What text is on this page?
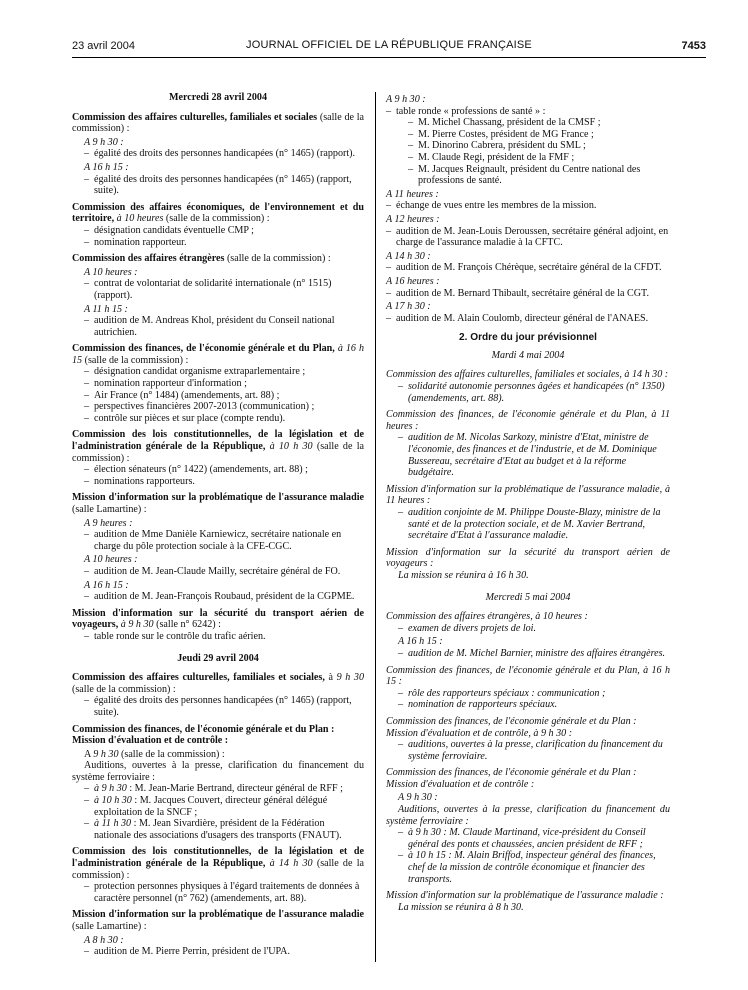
23 avril 2004	JOURNAL OFFICIEL DE LA RÉPUBLIQUE FRANÇAISE	7453

Mercredi 28 avril 2004

Commission des affaires culturelles, familiales et sociales (salle de la commission) :

A 9 h 30 :

– égalité des droits des personnes handicapées (n° 1465) (rapport).

A 16 h 15 :

– égalité des droits des personnes handicapées (n° 1465) (rapport, suite).

Commission des affaires économiques, de l'environnement et du territoire, à 10 heures (salle de la commission) :

– désignation candidats éventuelle CMP ;
– nomination rapporteur.

Commission des affaires étrangères (salle de la commission) :

A 10 heures :

– contrat de volontariat de solidarité internationale (n° 1515) (rapport).

A 11 h 15 :

– audition de M. Andreas Khol, président du Conseil national autrichien.

Commission des finances, de l'économie générale et du Plan, à 16 h 15 (salle de la commission) :

– désignation candidat organisme extraparlementaire ;
– nomination rapporteur d'information ;
– Air France (n° 1484) (amendements, art. 88) ;
– perspectives financières 2007-2013 (communication) ;
– contrôle sur pièces et sur place (compte rendu).

Commission des lois constitutionnelles, de la législation et de l'administration générale de la République, à 10 h 30 (salle de la commission) :

– élection sénateurs (n° 1422) (amendements, art. 88) ;
– nominations rapporteurs.

Mission d'information sur la problématique de l'assurance maladie (salle Lamartine) :

A 9 heures :

– audition de Mme Danièle Karniewicz, secrétaire nationale en charge du pôle protection sociale à la CFE-CGC.

A 10 heures :

– audition de M. Jean-Claude Mailly, secrétaire général de FO.

A 16 h 15 :

– audition de M. Jean-François Roubaud, président de la CGPME.

Mission d'information sur la sécurité du transport aérien de voyageurs, à 9 h 30 (salle n° 6242) :

– table ronde sur le contrôle du trafic aérien.

Jeudi 29 avril 2004

Commission des affaires culturelles, familiales et sociales, à 9 h 30 (salle de la commission) :

– égalité des droits des personnes handicapées (n° 1465) (rapport, suite).

Commission des finances, de l'économie générale et du Plan :

Mission d'évaluation et de contrôle :

A 9 h 30 (salle de la commission) :

Auditions, ouvertes à la presse, clarification du financement du système ferroviaire :

– à 9 h 30 : M. Jean-Marie Bertrand, directeur général de RFF ;
– à 10 h 30 : M. Jacques Couvert, directeur général délégué exploitation de la SNCF ;
– à 11 h 30 : M. Jean Sivardière, président de la Fédération nationale des associations d'usagers des transports (FNAUT).

Commission des lois constitutionnelles, de la législation et de l'administration générale de la République, à 14 h 30 (salle de la commission) :

– protection personnes physiques à l'égard traitements de données à caractère personnel (n° 762) (amendements, art. 88).

Mission d'information sur la problématique de l'assurance maladie (salle Lamartine) :

A 8 h 30 :

– audition de M. Pierre Perrin, président de l'UPA.

A 9 h 30 :

– table ronde « professions de santé » :
– M. Michel Chassang, président de la CMSF ;
– M. Pierre Costes, président de MG France ;
– M. Dinorino Cabrera, président du SML ;
– M. Claude Regi, président de la FMF ;
– M. Jacques Reignault, président du Centre national des professions de santé.

A 11 heures :

– échange de vues entre les membres de la mission.

A 12 heures :

– audition de M. Jean-Louis Deroussen, secrétaire général adjoint, en charge de l'assurance maladie à la CFTC.

A 14 h 30 :

– audition de M. François Chérèque, secrétaire général de la CFDT.

A 16 heures :

– audition de M. Bernard Thibault, secrétaire général de la CGT.

A 17 h 30 :

– audition de M. Alain Coulomb, directeur général de l'ANAES.

2. Ordre du jour prévisionnel

Mardi 4 mai 2004

Commission des affaires culturelles, familiales et sociales, à 14 h 30 :

– solidarité autonomie personnes âgées et handicapées (n° 1350) (amendements, art. 88).

Commission des finances, de l'économie générale et du Plan, à 11 heures :

– audition de M. Nicolas Sarkozy, ministre d'Etat, ministre de l'économie, des finances et de l'industrie, et de M. Dominique Bussereau, secrétaire d'Etat au budget et à la réforme budgétaire.

Mission d'information sur la problématique de l'assurance maladie, à 11 heures :

– audition conjointe de M. Philippe Douste-Blazy, ministre de la santé et de la protection sociale, et de M. Xavier Bertrand, secrétaire d'Etat à l'assurance maladie.

Mission d'information sur la sécurité du transport aérien de voyageurs :

La mission se réunira à 16 h 30.

Mercredi 5 mai 2004

Commission des affaires étrangères, à 10 heures :

– examen de divers projets de loi.

A 16 h 15 :

– audition de M. Michel Barnier, ministre des affaires étrangères.

Commission des finances, de l'économie générale et du Plan, à 16 h 15 :

– rôle des rapporteurs spéciaux : communication ;
– nomination de rapporteurs spéciaux.

Commission des finances, de l'économie générale et du Plan :

Mission d'évaluation et de contrôle, à 9 h 30 :

– auditions, ouvertes à la presse, clarification du financement du système ferroviaire.

Commission des finances, de l'économie générale et du Plan :

Mission d'évaluation et de contrôle :

A 9 h 30 :

Auditions, ouvertes à la presse, clarification du financement du système ferroviaire :

– à 9 h 30 : M. Claude Martinand, vice-président du Conseil général des ponts et chaussées, ancien président de RFF ;
– à 10 h 15 : M. Alain Briffod, inspecteur général des finances, chef de la mission de contrôle économique et financier des transports.

Mission d'information sur la problématique de l'assurance maladie :

La mission se réunira à 8 h 30.
